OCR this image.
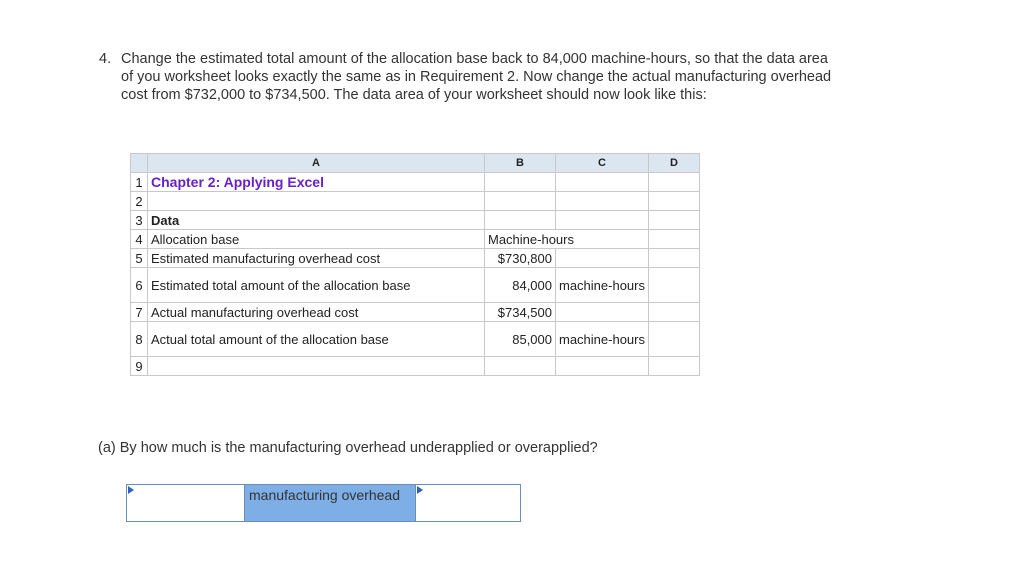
4. Change the estimated total amount of the allocation base back to 84,000 machine-hours, so that the data area of you worksheet looks exactly the same as in Requirement 2. Now change the actual manufacturing overhead cost from $732,000 to $734,500. The data area of your worksheet should now look like this:
	A	B	C	D
1	Chapter 2: Applying Excel			
2				
3	Data			
4	Allocation base	Machine-hours		
5	Estimated manufacturing overhead cost	$730,800		
6	Estimated total amount of the allocation base	84,000	machine-hours	
7	Actual manufacturing overhead cost	$734,500		
8	Actual total amount of the allocation base	85,000	machine-hours	
9				
(a) By how much is the manufacturing overhead underapplied or overapplied?
manufacturing overhead
